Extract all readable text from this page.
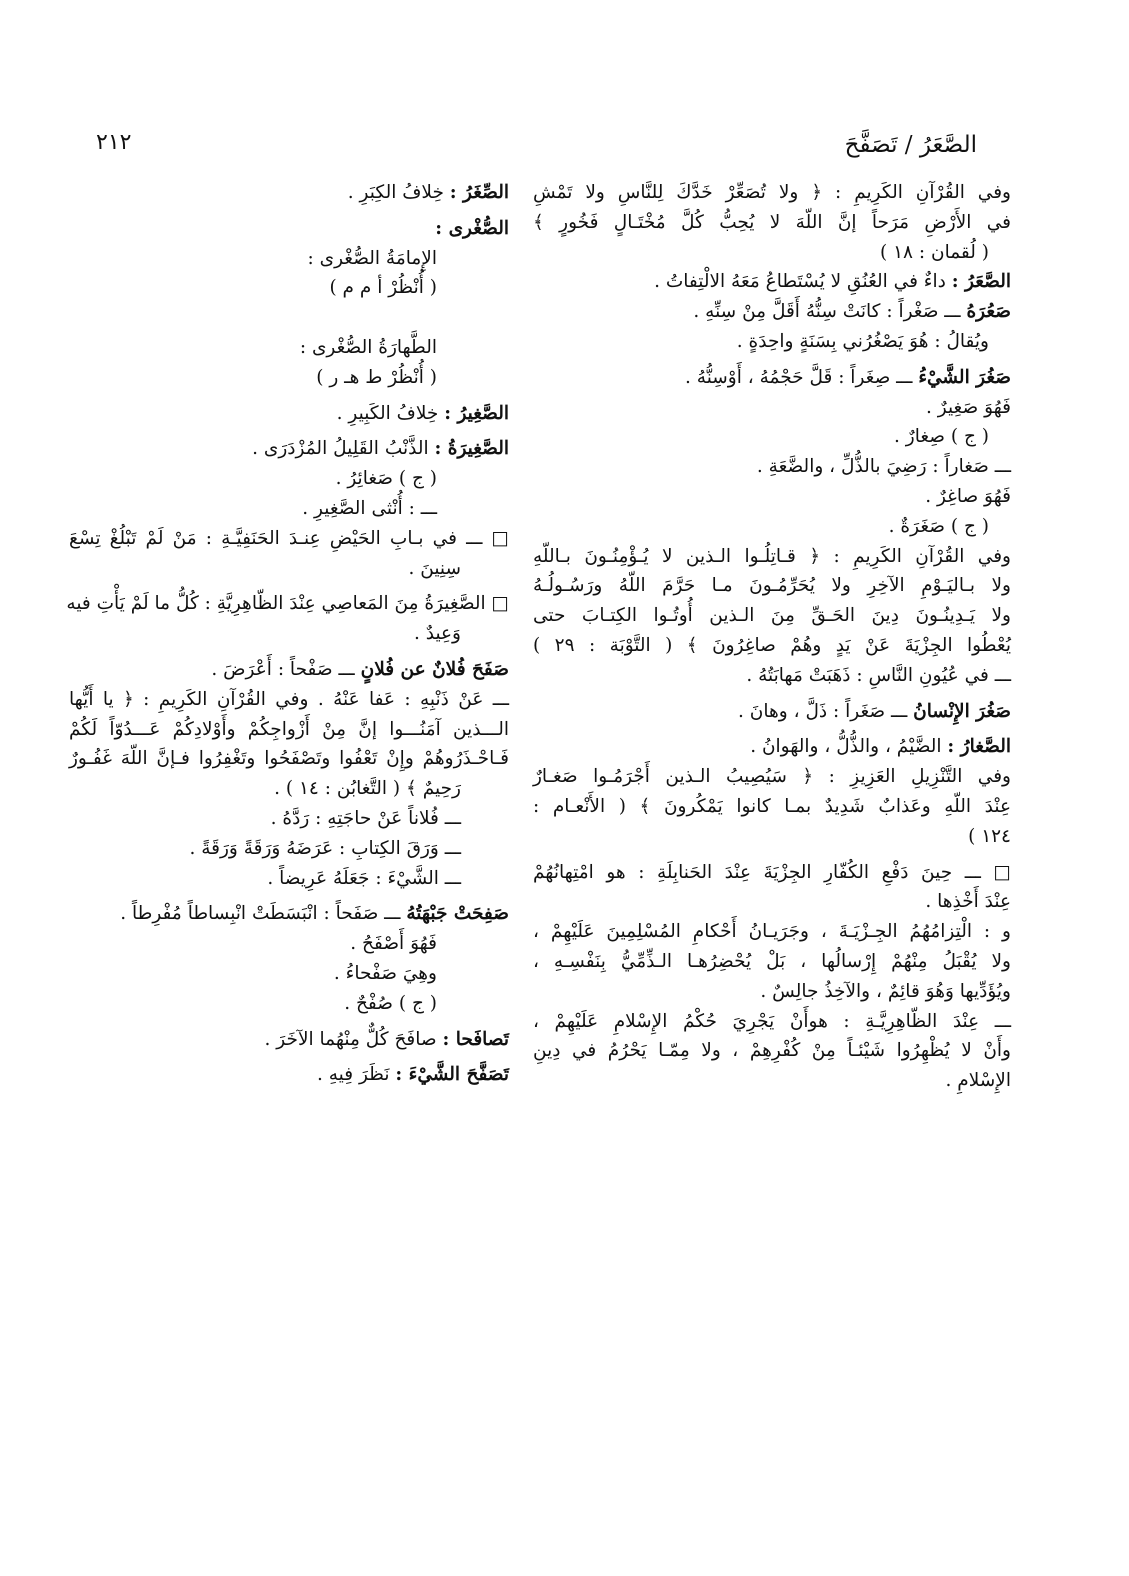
الصَّعَرُ / تَصَفَّحَ
٢١٢
وفي القُرْآنِ الكَرِيمِ : ﴿ ولا تُصَعِّرْ خَدَّكَ لِلنَّاسِ ولا تَمْشِ
في الأَرْضِ مَرَحاً إنَّ اللّهَ لا يُحِبُّ كُلَّ مُخْتَـالٍ فَخُورٍ ﴾
( لُقمان : ١٨ )
الصَّعَرُ : داءٌ في العُنُقِ لا يُسْتَطاعُ مَعَهُ الالْتِفاتُ .
صَعُرَهُ ـــ صَغْراً : كانَتْ سِنُّهُ أَقَلَّ مِنْ سِنِّهِ .
ويُقالُ : هُوَ يَصْغُرُني بِسَنَةٍ واحِدَةٍ .
صَغُرَ الشَّيْءُ ـــ صِغَراً : قَلَّ حَجْمُهُ ، أَوْسِنُّهُ .
فَهُوَ صَغِيرٌ .
( ج ) صِغارٌ .
ـــ صَغاراً : رَضِيَ بالذُّلِّ ، والضَّعَةِ .
فَهُوَ صاغِرٌ .
( ج ) صَغَرَةٌ .
وفي القُرْآنِ الكَرِيمِ : ﴿ قـاتِلُـوا الـذين لا يُـؤْمِنُـونَ بـاللّهِ
ولا بـاليَـوْمِ الآخِرِ ولا يُحَرِّمُـونَ مـا حَرَّمَ اللّهُ ورَسُـولُـهُ
ولا يَـدِينُـونَ دِينَ الحَـقِّ مِنَ الـذين أُوتُـوا الكِتـابَ حتى
يُعْطُوا الجِزْيَةَ عَنْ يَدٍ وهُمْ صاغِرُونَ ﴾ ( التَّوْبَة : ٢٩ )
ـــ في عُيُونِ النَّاسِ : ذَهَبَتْ مَهابَتُهُ .
صَغُرَ الإِنْسانُ ـــ صَغَراً : ذَلَّ ، وهانَ .
الصَّغارُ : الضَّيْمُ ، والذُّلُّ ، والهَوانُ .
وفي التَّنْزِيلِ العَزِيزِ : ﴿ سَيُصِيبُ الـذين أَجْرَمُـوا صَغـارٌ
عِنْدَ اللّهِ وعَذابٌ شَدِيدٌ بمـا كانوا يَمْكُرونَ ﴾ ( الأَنْعـام :
١٢٤ )
□ ـــ حِينَ دَفْعِ الكُفّارِ الجِزْيَةَ عِنْدَ الحَنابِلَةِ : هو امْتِهانُهُمْ
عِنْدَ أَخْذِها .
و : الْتِزامُهُمُ الجِـزْيَـةَ ، وجَرَيـانُ أَحْكامِ المُسْلِمِينَ عَلَيْهِمْ ،
ولا يُقْبَلُ مِنْهُمْ إِرْسالُها ، بَلْ يُحْضِرُهـا الـذِّمِّيُّ بِنَفْسِـهِ ،
ويُؤَدِّيها وَهُوَ قائِمٌ ، والآخِذُ جالِسٌ .
ـــ عِنْدَ الظّاهِرِيَّـةِ : هوأَنْ يَجْرِيَ حُكْمُ الإِسْلامِ عَلَيْهِمْ ،
وأَنْ لا يُظْهِرُوا شَيْئـاً مِنْ كُفْرِهِمْ ، ولا مِمّـا يَحْرُمُ في دِينِ
الإِسْلامِ .
الصِّغَرُ : خِلافُ الكِبَرِ .
الصُّغْرى :
الإِمامَةُ الصُّغْرى :
( أُنْظُرْ أ م م )
الطَّهارَةُ الصُّغْرى :
( أُنْظُرْ ط هـ ر )
الصَّغِيرُ : خِلافُ الكَبِيرِ .
الصَّغِيرَةُ : الذَّنْبُ القَلِيلُ المُزْدَرَى .
( ج ) صَغائِرُ .
ـــ : أُنْثى الصَّغِيرِ .
□ ـــ في بـابِ الحَيْضِ عِنـدَ الحَنَفِيَّـةِ : مَنْ لَمْ تَبْلُغْ تِسْعَ
سِنِينَ .
□ الصَّغِيرَةُ مِنَ المَعاصِي عِنْدَ الظّاهِرِيَّةِ : كُلُّ ما لَمْ يَأْتِ فيه
وَعِيدٌ .
صَفَحَ فُلانٌ عن فُلانٍ ـــ صَفْحاً : أَعْرَضَ .
ـــ عَنْ ذَنْبِهِ : عَفا عَنْهُ . وفي القُرْآنِ الكَرِيمِ : ﴿ يا أَيُّها
الـــذين آمَنُـــوا إنَّ مِنْ أَزْواجِكُمْ وأَوْلادِكُمْ عَـــدُوّاً لَكُمْ
فَـاحْـذَرُوهُمْ وإِنْ تَعْفُوا وتَصْفَحُوا وتَغْفِرُوا فـإنَّ اللّهَ غَفُـورٌ
رَحِيمٌ ﴾ ( التَّغابُن : ١٤ ) .
ـــ فُلاناً عَنْ حاجَتِهِ : رَدَّهُ .
ـــ وَرَقَ الكِتابِ : عَرَضَهُ وَرَقَةً وَرَقَةً .
ـــ الشَّيْءَ : جَعَلَهُ عَرِيضاً .
صَفِحَتْ جَبْهَتُهُ ـــ صَفَحاً : انْبَسَطَتْ انْبِساطاً مُفْرِطاً .
فَهُوَ أَصْفَحُ .
وهِيَ صَفْحاءُ .
( ج ) صُفْحٌ .
تَصافَحا : صافَحَ كُلٌّ مِنْهُما الآخَرَ .
تَصَفَّحَ الشَّيْءَ : نَظَرَ فِيهِ .
